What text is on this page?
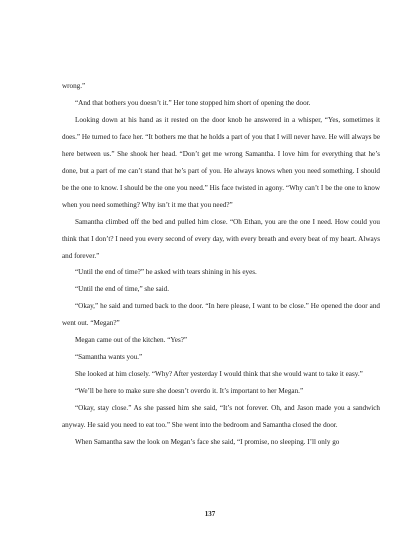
wrong.”

“And that bothers you doesn’t it.” Her tone stopped him short of opening the door.

Looking down at his hand as it rested on the door knob he answered in a whisper, “Yes, sometimes it does.” He turned to face her. “It bothers me that he holds a part of you that I will never have. He will always be here between us.” She shook her head. “Don’t get me wrong Samantha. I love him for everything that he’s done, but a part of me can’t stand that he’s part of you. He always knows when you need something. I should be the one to know. I should be the one you need.” His face twisted in agony. “Why can’t I be the one to know when you need something? Why isn’t it me that you need?”

Samantha climbed off the bed and pulled him close. “Oh Ethan, you are the one I need. How could you think that I don’t? I need you every second of every day, with every breath and every beat of my heart. Always and forever.”

“Until the end of time?” he asked with tears shining in his eyes.

“Until the end of time,” she said.

“Okay,” he said and turned back to the door. “In here please, I want to be close.” He opened the door and went out. “Megan?”

Megan came out of the kitchen. “Yes?”

“Samantha wants you.”

She looked at him closely. “Why? After yesterday I would think that she would want to take it easy.”

“We’ll be here to make sure she doesn’t overdo it. It’s important to her Megan.”

“Okay, stay close.” As she passed him she said, “It’s not forever. Oh, and Jason made you a sandwich anyway. He said you need to eat too.” She went into the bedroom and Samantha closed the door.

When Samantha saw the look on Megan’s face she said, “I promise, no sleeping. I’ll only go

137
